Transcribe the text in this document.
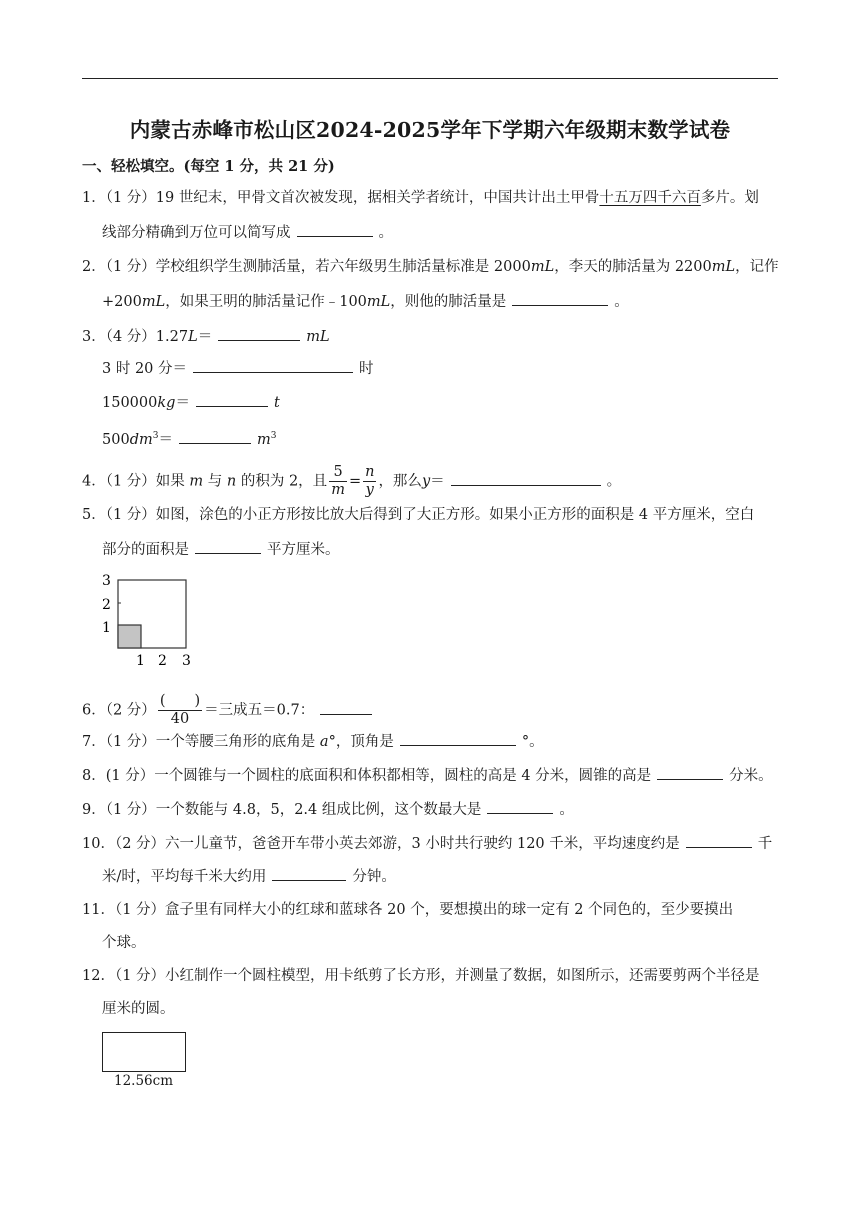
内蒙古赤峰市松山区2024-2025学年下学期六年级期末数学试卷
一、轻松填空。(每空 1 分，共 21 分)
1．（1 分）19 世纪末，甲骨文首次被发现，据相关学者统计，中国共计出土甲骨十五万四千六百多片。划
线部分精确到万位可以简写成	。
2．（1 分）学校组织学生测肺活量，若六年级男生肺活量标准是 2000mL，李天的肺活量为 2200mL，记作
+200mL，如果王明的肺活量记作﹣100mL，则他的肺活量是	。
3．（4 分）1.27L＝	mL
3 时 20 分＝	时
150000kg＝	t
$500dm^3=$	$m^3$
4．（1 分）如果 m 与 n 的积为 2，且 $\frac{5}{m} = \frac{n}{y}$ ，那么y＝	。
5．（1 分）如图，涂色的小正方形按比放大后得到了大正方形。如果小正方形的面积是 4 平方厘米，空白
部分的面积是	平方厘米。
3
2
1
1 2 3
6．（2 分） $\frac{( )}{40}$ ＝三成五＝0.7：
7．（1 分）一个等腰三角形的底角是 a°，顶角是	°。
8．(1 分）一个圆锥与一个圆柱的底面积和体积都相等，圆柱的高是 4 分米，圆锥的高是	分米。
9．（1 分）一个数能与 4.8，5，2.4 组成比例，这个数最大是	。
10．（2 分）六一儿童节，爸爸开车带小英去郊游，3 小时共行驶约 120 千米，平均速度约是	千
米/时，平均每千米大约用	分钟。
11．（1 分）盒子里有同样大小的红球和蓝球各 20 个，要想摸出的球一定有 2 个同色的，至少要摸出
个球。
12．（1 分）小红制作一个圆柱模型，用卡纸剪了长方形，并测量了数据，如图所示，还需要剪两个半径是
厘米的圆。
12.56cm
